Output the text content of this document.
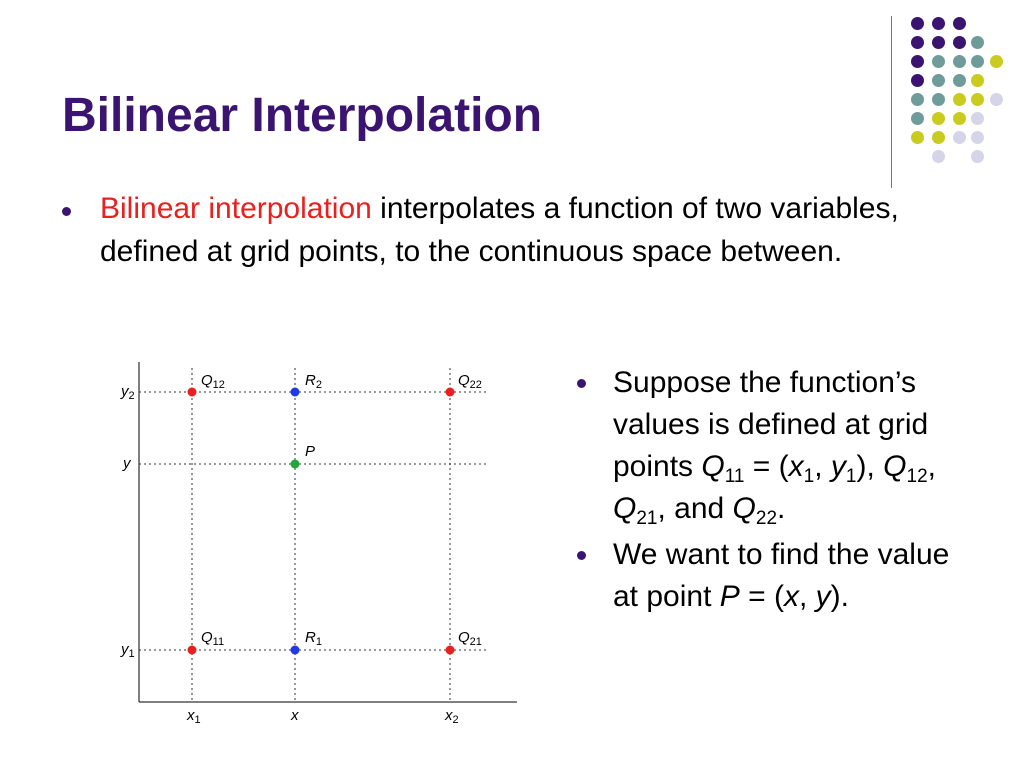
Bilinear Interpolation
Bilinear interpolation interpolates a function of two variables, defined at grid points, to the continuous space between.
$Q_{12}$	$R_2$	$Q_{22}$
P
$Q_{11}$	$R_1$	$Q_{21}$
$y_2$
y
$y_1$
$x_1$	x	$x_2$
Suppose the function’s values is defined at grid points $Q_{11} = (x_1$, $y_1$), $Q_{12}$, $Q_{21}$, and $Q_{22}$.
We want to find the value at point P = (x, y).
